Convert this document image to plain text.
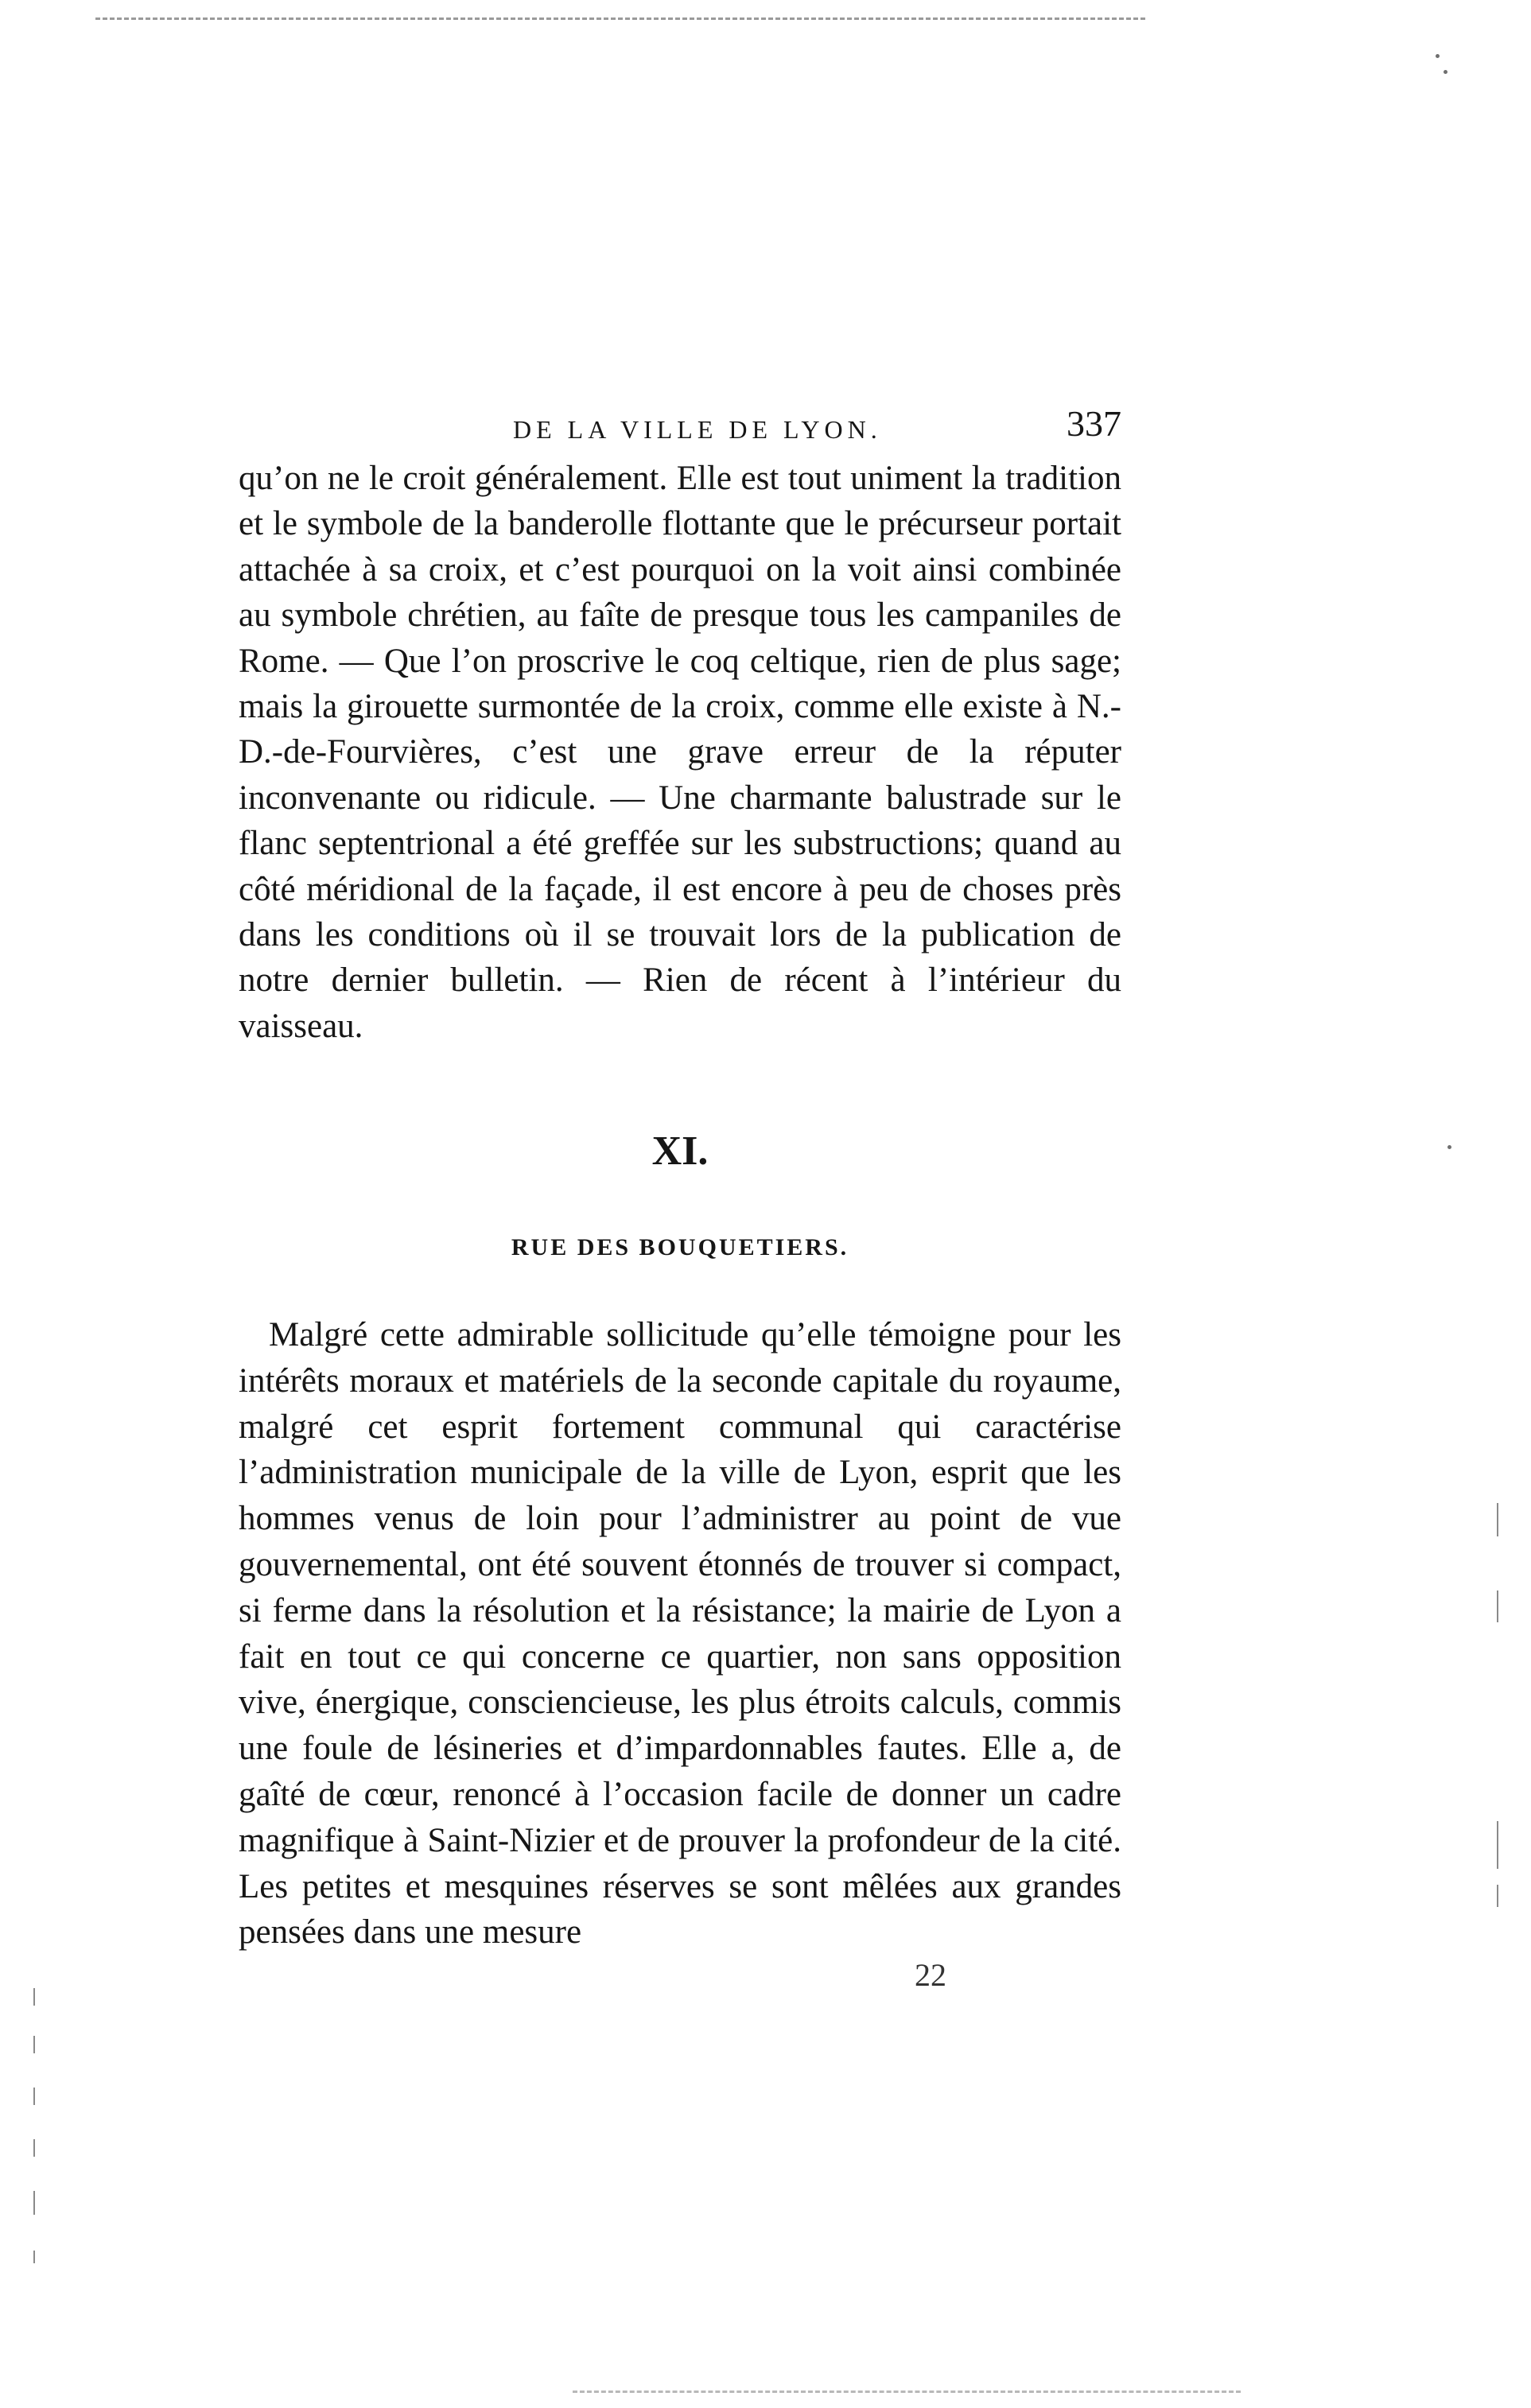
DE LA VILLE DE LYON.	337

qu’on ne le croit généralement. Elle est tout uniment la tradition et le symbole de la banderolle flottante que le précurseur portait attachée à sa croix, et c’est pourquoi on la voit ainsi combinée au symbole chrétien, au faîte de presque tous les campaniles de Rome. — Que l’on proscrive le coq celtique, rien de plus sage; mais la girouette surmontée de la croix, comme elle existe à N.-D.-de-Fourvières, c’est une grave erreur de la réputer inconvenante ou ridicule. — Une charmante balustrade sur le flanc septentrional a été greffée sur les substructions; quand au côté méridional de la façade, il est encore à peu de choses près dans les conditions où il se trouvait lors de la publication de notre dernier bulletin. — Rien de récent à l’intérieur du vaisseau.

XI.
RUE DES BOUQUETIERS.

Malgré cette admirable sollicitude qu’elle témoigne pour les intérêts moraux et matériels de la seconde capitale du royaume, malgré cet esprit fortement communal qui caractérise l’administration municipale de la ville de Lyon, esprit que les hommes venus de loin pour l’administrer au point de vue gouvernemental, ont été souvent étonnés de trouver si compact, si ferme dans la résolution et la résistance; la mairie de Lyon a fait en tout ce qui concerne ce quartier, non sans opposition vive, énergique, consciencieuse, les plus étroits calculs, commis une foule de lésineries et d’impardonnables fautes. Elle a, de gaîté de cœur, renoncé à l’occasion facile de donner un cadre magnifique à Saint-Nizier et de prouver la profondeur de la cité. Les petites et mesquines réserves se sont mêlées aux grandes pensées dans une mesure

22
